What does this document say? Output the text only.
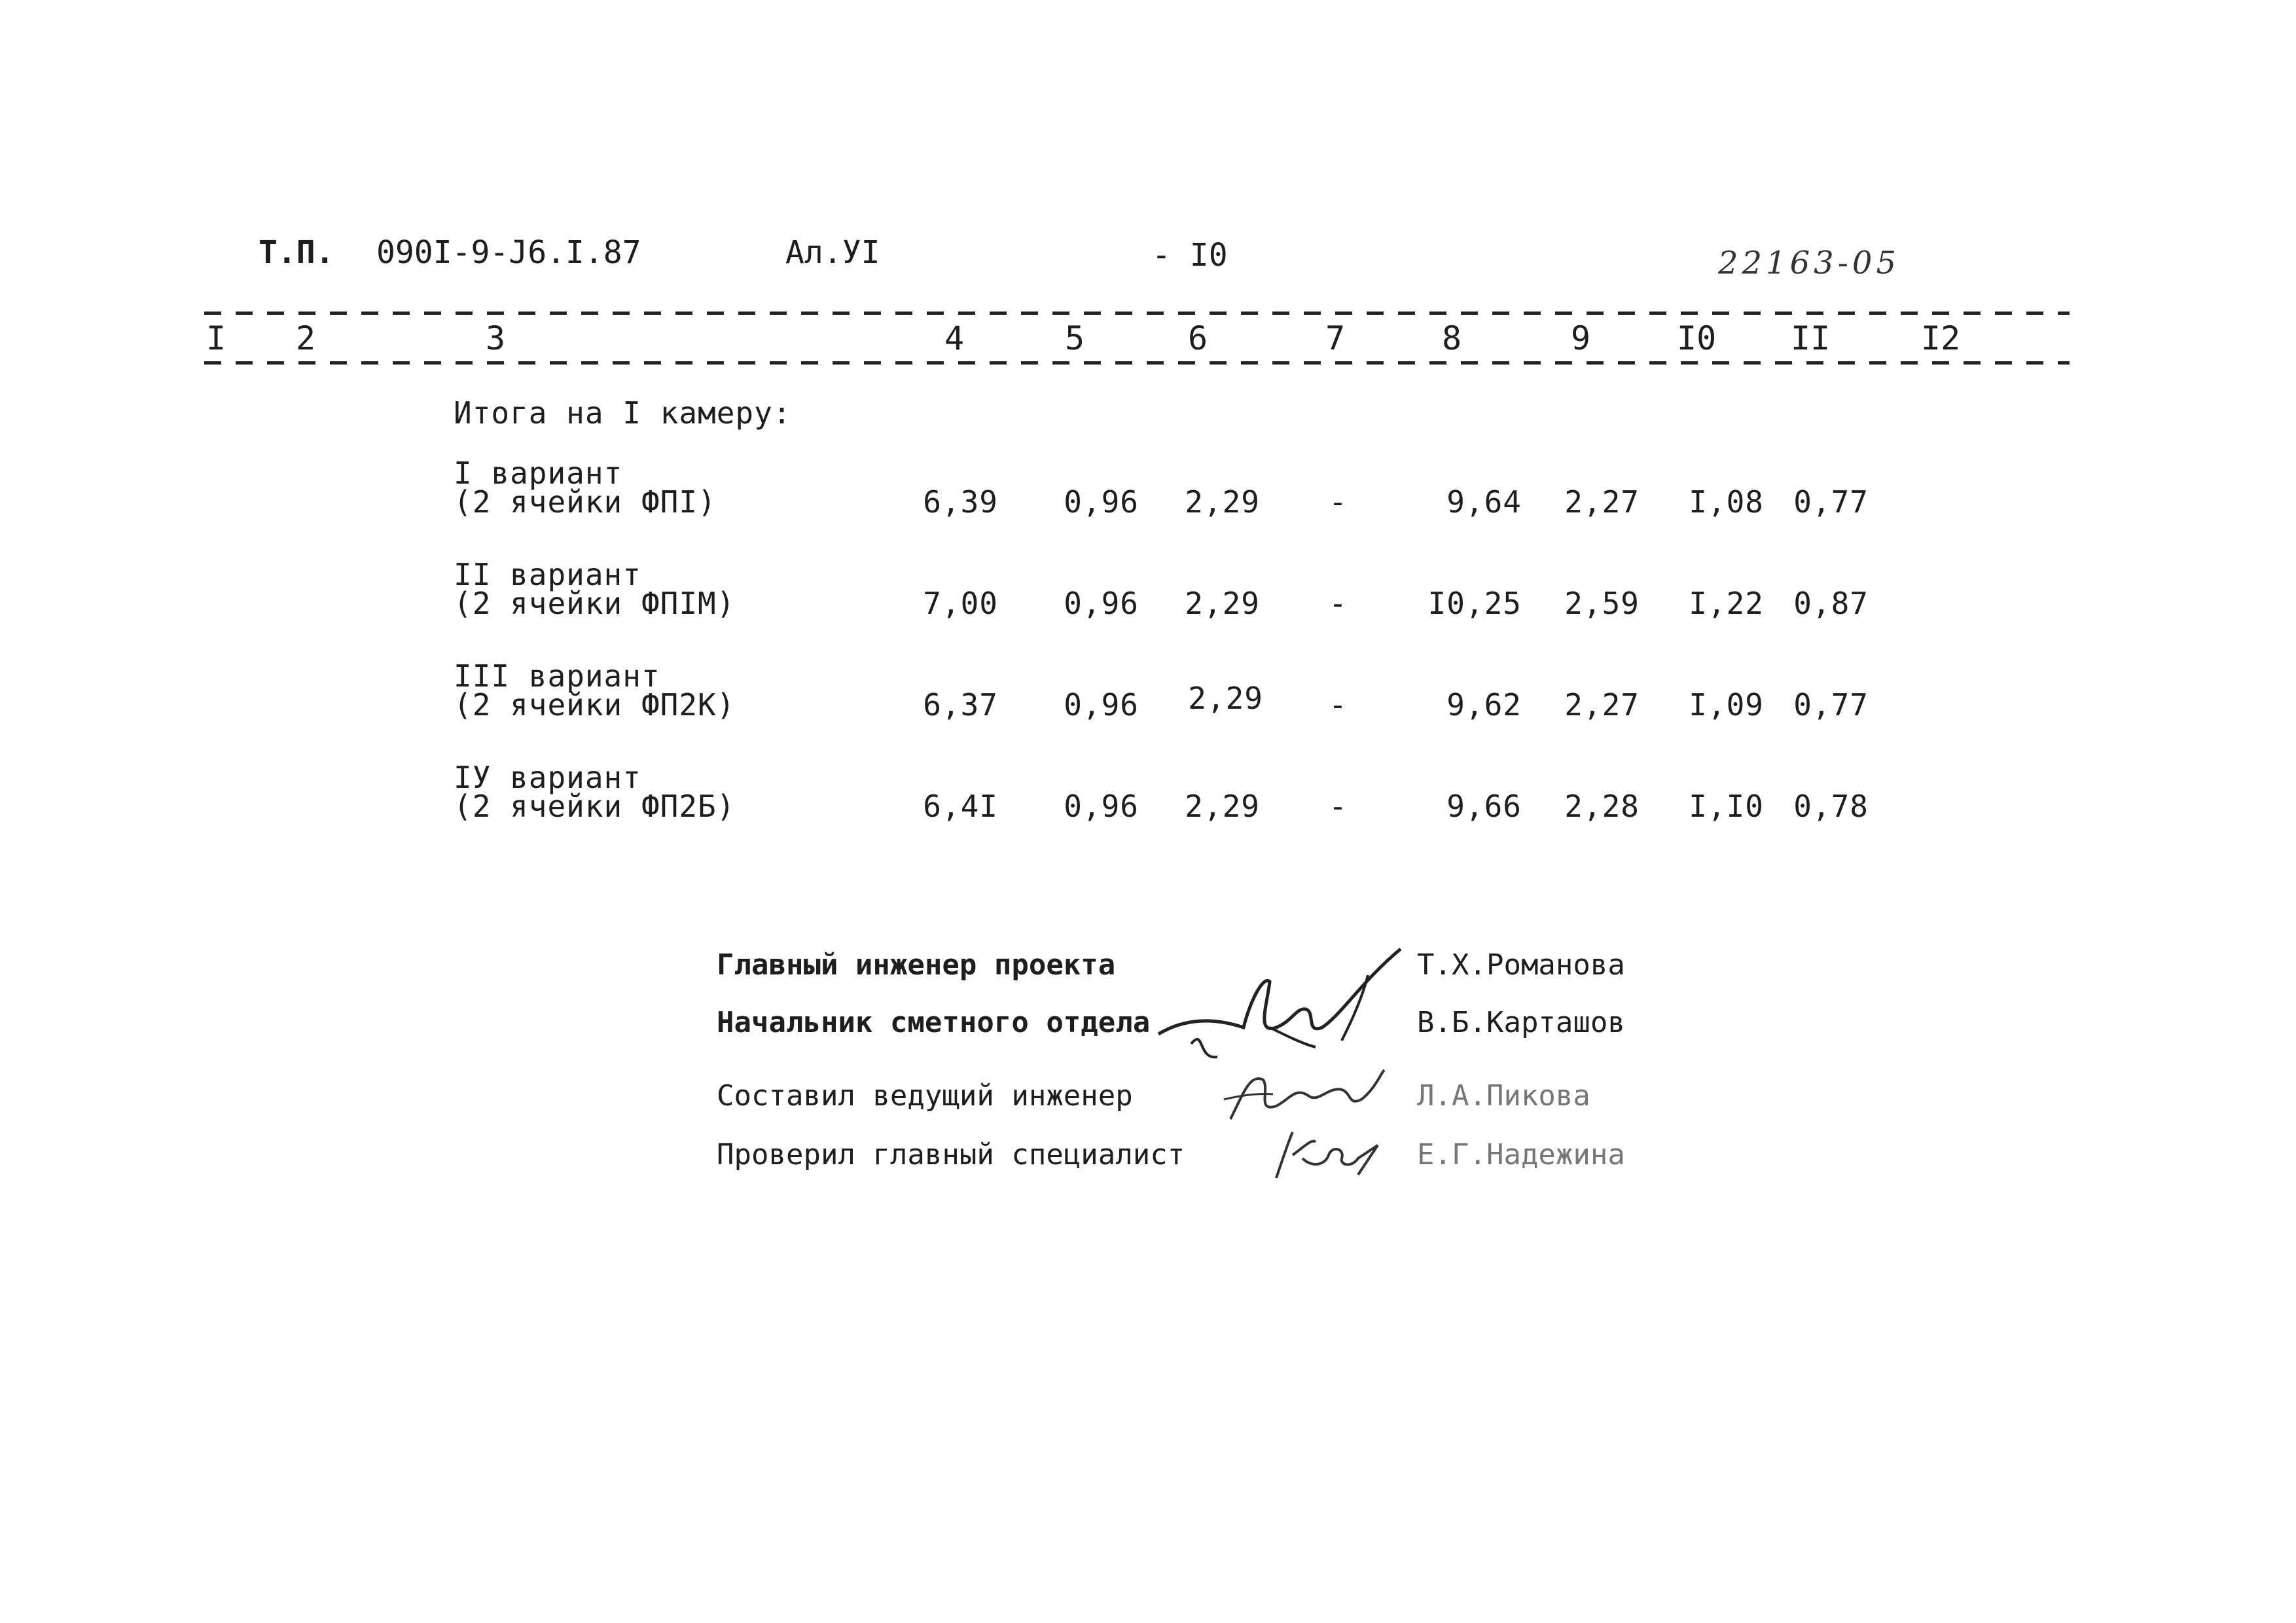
Т.П. 090I-9-J6.I.87	Ал.УI	- I0	22163-05
I 2	3	4	5	6	7	8	9	I0 II	I2
Итога на I камеру:
I вариант
(2 ячейки ФПI)	6,39	0,96	2,29 -	9,64	2,27	I,08 0,77
II вариант
(2 ячейки ФПIМ)	7,00	0,96	2,29 -	I0,25	2,59	I,22 0,87
III вариант
(2 ячейки ФП2К)	6,37	0,96	2,29 -	9,62	2,27	I,09 0,77
IУ вариант
(2 ячейки ФП2Б)	6,4I	0,96	2,29 -	9,66	2,28	I,I0 0,78
Главный инженер проекта	Т.Х.Романова
Начальник сметного отдела	В.Б.Карташов
Составил ведущий инженер	Л.А.Пикова
Проверил главный специалист	Е.Г.Надежина
